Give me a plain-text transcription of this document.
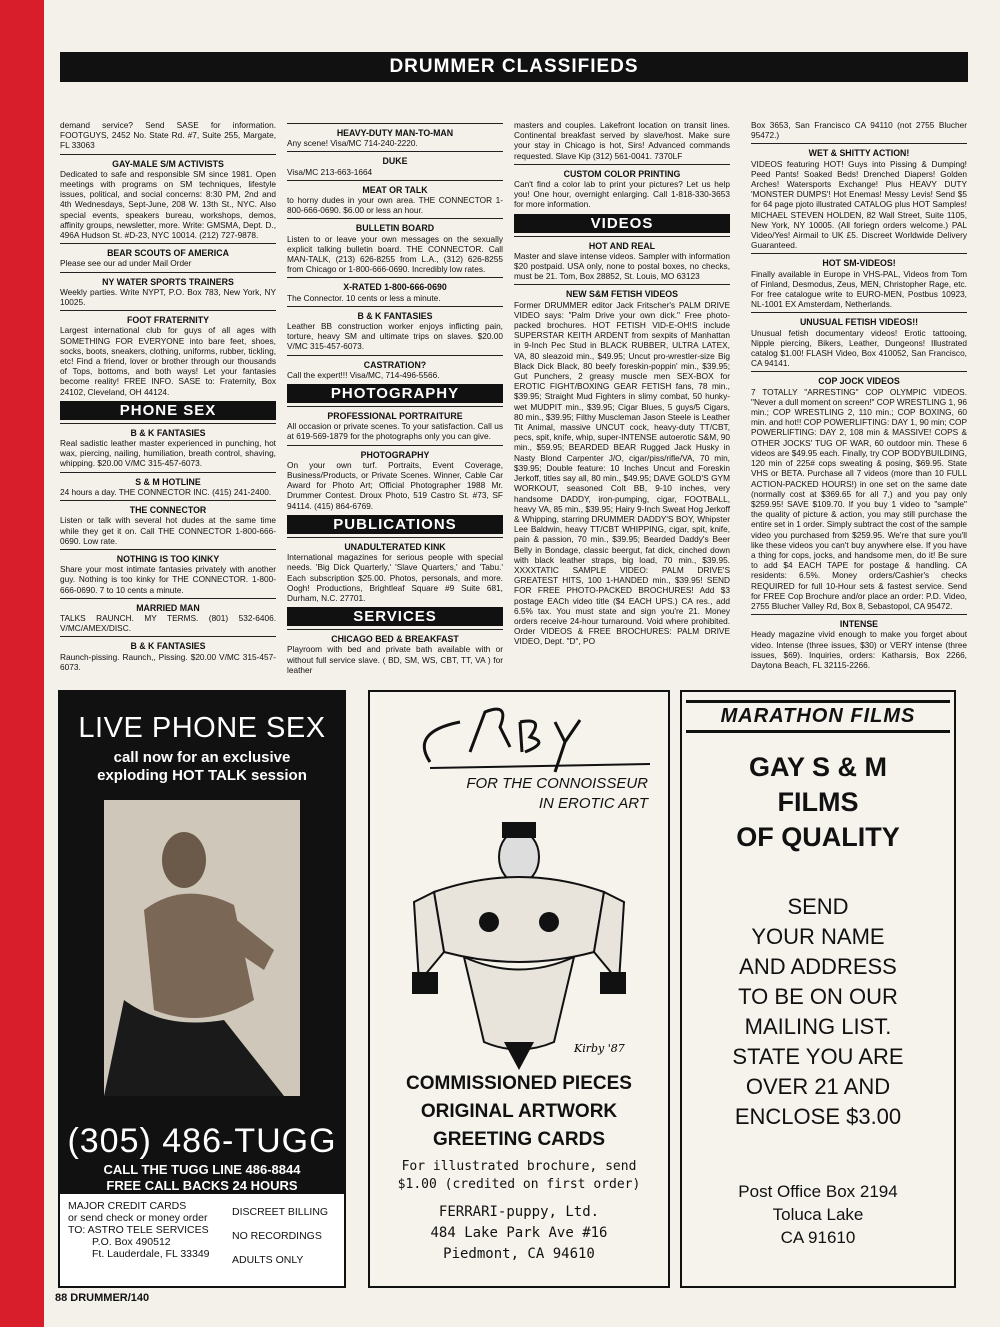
DRUMMER CLASSIFIEDS
demand service? Send SASE for information. FOOTGUYS, 2452 No. State Rd. #7, Suite 255, Margate, FL 33063
GAY-MALE S/M ACTIVISTS
Dedicated to safe and responsible SM since 1981. Open meetings with programs on SM techniques, lifestyle issues, political, and social concerns: 8:30 PM, 2nd and 4th Wednesdays, Sept-June, 208 W. 13th St., NYC. Also special events, speakers bureau, workshops, demos, affinity groups, newsletter, more. Write: GMSMA, Dept. D., 496A Hudson St. #D-23, NYC 10014. (212) 727-9878.
BEAR SCOUTS OF AMERICA
Please see our ad under Mail Order
NY WATER SPORTS TRAINERS
Weekly parties. Write NYPT, P.O. Box 783, New York, NY 10025.
FOOT FRATERNITY
Largest international club for guys of all ages with SOMETHING FOR EVERYONE into bare feet, shoes, socks, boots, sneakers, clothing, uniforms, rubber, tickling, etc! Find a friend, lover or brother through our thousands of Tops, bottoms, and both ways! Let your fantasies become reality! FREE INFO. SASE to: Fraternity, Box 24102, Cleveland, OH 44124.
PHONE SEX
B & K FANTASIES
Real sadistic leather master experienced in punching, hot wax, piercing, nailing, humiliation, breath control, shaving, whipping. $20.00 V/MC 315-457-6073.
S & M HOTLINE
24 hours a day. THE CONNECTOR INC. (415) 241-2400.
THE CONNECTOR
Listen or talk with several hot dudes at the same time while they get it on. Call THE CONNECTOR 1-800-666-0690. Low rate.
NOTHING IS TOO KINKY
Share your most intimate fantasies privately with another guy. Nothing is too kinky for THE CONNECTOR. 1-800-666-0690. 7 to 10 cents a minute.
MARRIED MAN
TALKS RAUNCH. MY TERMS. (801) 532-6406. V/MC/AMEX/DISC.
B & K FANTASIES
Raunch-pissing. Raunch,, Pissing. $20.00 V/MC 315-457-6073.
HEAVY-DUTY MAN-TO-MAN
Any scene! Visa/MC 714-240-2220.
DUKE
Visa/MC 213-663-1664
MEAT OR TALK
to horny dudes in your own area. THE CONNECTOR 1-800-666-0690. $6.00 or less an hour.
BULLETIN BOARD
Listen to or leave your own messages on the sexually explicit talking bulletin board. THE CONNECTOR. Call MAN-TALK, (213) 626-8255 from L.A., (312) 626-8255 from Chicago or 1-800-666-0690. Incredibly low rates.
X-RATED 1-800-666-0690
The Connector. 10 cents or less a minute.
B & K FANTASIES
Leather BB construction worker enjoys inflicting pain, torture, heavy SM and ultimate trips on slaves. $20.00 V/MC 315-457-6073.
CASTRATION?
Call the expert!!! Visa/MC, 714-496-5566.
PHOTOGRAPHY
PROFESSIONAL PORTRAITURE
All occasion or private scenes. To your satisfaction. Call us at 619-569-1879 for the photographs only you can give.
PHOTOGRAPHY
On your own turf. Portraits, Event Coverage, Business/Products, or Private Scenes. Winner, Cable Car Award for Photo Art; Official Photographer 1988 Mr. Drummer Contest. Droux Photo, 519 Castro St. #73, SF 94114. (415) 864-6769.
PUBLICATIONS
UNADULTERATED KINK
International magazines for serious people with special needs. 'Big Dick Quarterly,' 'Slave Quarters,' and 'Tabu.' Each subscription $25.00. Photos, personals, and more. Oogh! Productions, Brightleaf Square #9 Suite 681, Durham, N.C. 27701.
SERVICES
CHICAGO BED & BREAKFAST
Playroom with bed and private bath available with or without full service slave. ( BD, SM, WS, CBT, TT, VA ) for leather
masters and couples. Lakefront location on transit lines. Continental breakfast served by slave/host. Make sure your stay in Chicago is hot, Sirs! Advanced commands requested. Slave Kip (312) 561-0041. 7370LF
CUSTOM COLOR PRINTING
Can't find a color lab to print your pictures? Let us help you! One hour, overnight enlarging. Call 1-818-330-3653 for more information.
VIDEOS
HOT AND REAL
Master and slave intense videos. Sampler with information $20 postpaid. USA only, none to postal boxes, no checks, must be 21. Tom, Box 28852, St. Louis, MO 63123
NEW S&M FETISH VIDEOS
Former DRUMMER editor Jack Fritscher's PALM DRIVE VIDEO says: "Palm Drive your own dick." Free photo-packed brochures. HOT FETISH VID-E-OH!S include SUPERSTAR KEITH ARDENT from sexpits of Manhattan in 9-Inch Pec Stud in BLACK RUBBER, ULTRA LATEX, VA, 80 sleazoid min., $49.95; Uncut pro-wrestler-size Big Black Dick Black, 80 beefy foreskin-poppin' min., $39.95; Gut Punchers, 2 greasy muscle men SEX-BOX for EROTIC FIGHT/BOXING GEAR FETISH fans, 78 min., $39.95; Straight Mud Fighters in slimy combat, 50 hunky-wet MUDPIT min., $39.95; Cigar Blues, 5 guys/5 Cigars, 80 min., $39.95; Filthy Muscleman Jason Steele is Leather Tit Animal, massive UNCUT cock, heavy-duty TT/CBT, pecs, spit, knife, whip, super-INTENSE autoerotic S&M, 90 min., $59.95; BEARDED BEAR Rugged Jack Husky in Nasty Blond Carpenter J/O, cigar/piss/rifle/VA, 70 min, $39.95; Double feature: 10 Inches Uncut and Foreskin Jerkoff, titles say all, 80 min., $49.95; DAVE GOLD'S GYM WORKOUT, seasoned Colt BB, 9-10 inches, very handsome DADDY, iron-pumping, cigar, FOOTBALL, heavy VA, 85 min., $39.95; Hairy 9-Inch Sweat Hog Jerkoff & Whipping, starring DRUMMER DADDY'S BOY, Whipster Lee Baldwin, heavy TT/CBT WHIPPING, cigar, spit, knife, pain & passion, 70 min., $39.95; Bearded Daddy's Beer Belly in Bondage, classic beergut, fat dick, cinched down with black leather straps, big load, 70 min., $39.95. XXXXTATIC SAMPLE VIDEO: PALM DRIVE'S GREATEST HITS, 100 1-HANDED min., $39.95! SEND FOR FREE PHOTO-PACKED BROCHURES! Add $3 postage EACh video title ($4 EACH UPS.) CA res., add 6.5% tax. You must state and sign you're 21. Money orders receive 24-hour turnaround. Void where prohibited. Order VIDEOS & FREE BROCHURES: PALM DRIVE VIDEO, Dept. "D", PO
Box 3653, San Francisco CA 94110 (not 2755 Blucher 95472.)
WET & SHITTY ACTION!
VIDEOS featuring HOT! Guys into Pissing & Dumping! Peed Pants! Soaked Beds! Drenched Diapers! Golden Arches! Watersports Exchange! Plus HEAVY DUTY 'MONSTER DUMPS'! Hot Enemas! Messy Levis! Send $5 for 64 page pjoto illustrated CATALOG plus HOT Samples! MICHAEL STEVEN HOLDEN, 82 Wall Street, Suite 1105, New York, NY 10005. (All foriegn orders welcome.) PAL Video/Yes! Airmail to UK £5. Discreet Worldwide Delivery Guaranteed.
HOT SM-VIDEOS!
Finally available in Europe in VHS-PAL, Videos from Tom of Finland, Desmodus, Zeus, MEN, Christopher Rage, etc. For free catalogue write to EURO-MEN, Postbus 10923, NL-1001 EX Amsterdam, Netherlands.
UNUSUAL FETISH VIDEOS!!
Unusual fetish documentary videos! Erotic tattooing, Nipple piercing, Bikers, Leather, Dungeons! Illustrated catalog $1.00! FLASH Video, Box 410052, San Francisco, CA 94141.
COP JOCK VIDEOS
7 TOTALLY "ARRESTING" COP OLYMPIC VIDEOS. "Never a dull moment on screen!" COP WRESTLING 1, 96 min.; COP WRESTLING 2, 110 min.; COP BOXING, 60 min. and hot!! COP POWERLIFTING: DAY 1, 90 min; COP POWERLIFTING: DAY 2, 108 min & MASSIVE! COPS & OTHER JOCKS' TUG OF WAR, 60 outdoor min. These 6 videos are $49.95 each. Finally, try COP BODYBUILDING, 120 min of 225# cops sweating & posing, $69.95. State VHS or BETA. Purchase all 7 videos (more than 10 FULL ACTION-PACKED HOURS!) in one set on the same date (normally cost at $369.65 for all 7,) and you pay only $259.95! SAVE $109.70. If you buy 1 video to "sample" the quality of picture & action, you may still purchase the entire set in 1 order. Simply subtract the cost of the sample video you purchased from $259.95. We're that sure you'll like these videos you can't buy anywhere else. If you have a thing for cops, jocks, and handsome men, do it! Be sure to add $4 EACH TAPE for postage & handling. CA residents: 6.5%. Money orders/Cashier's checks REQUIRED for full 10-Hour sets & fastest service. Send for FREE Cop Brochure and/or place an order: P.D. Video, 2755 Blucher Valley Rd, Box 8, Sebastopol, CA 95472.
INTENSE
Heady magazine vivid enough to make you forget about video. Intense (three issues, $30) or VERY intense (three issues, $69). Inquiries, orders: Katharsis, Box 2266, Daytona Beach, FL 32115-2266.
LIVE PHONE SEX
call now for an exclusive
exploding HOT TALK session
(305) 486-TUGG
CALL THE TUGG LINE 486-8844
FREE CALL BACKS 24 HOURS
MAJOR CREDIT CARDS
or send check or money order
TO: ASTRO TELE SERVICES
P.O. Box 490512
Ft. Lauderdale, FL 33349
DISCREET BILLING
NO RECORDINGS
ADULTS ONLY
FOR THE CONNOISSEUR
IN EROTIC ART
Kirby '87
COMMISSIONED PIECES
ORIGINAL ARTWORK
GREETING CARDS
For illustrated brochure, send $1.00 (credited on first order)
FERRARI-puppy, Ltd.
484 Lake Park Ave #16
Piedmont, CA 94610
MARATHON FILMS
GAY S & M
FILMS
OF QUALITY
SEND
YOUR NAME
AND ADDRESS
TO BE ON OUR
MAILING LIST.
STATE YOU ARE
OVER 21 AND
ENCLOSE $3.00
Post Office Box 2194
Toluca Lake
CA 91610
88 DRUMMER/140
